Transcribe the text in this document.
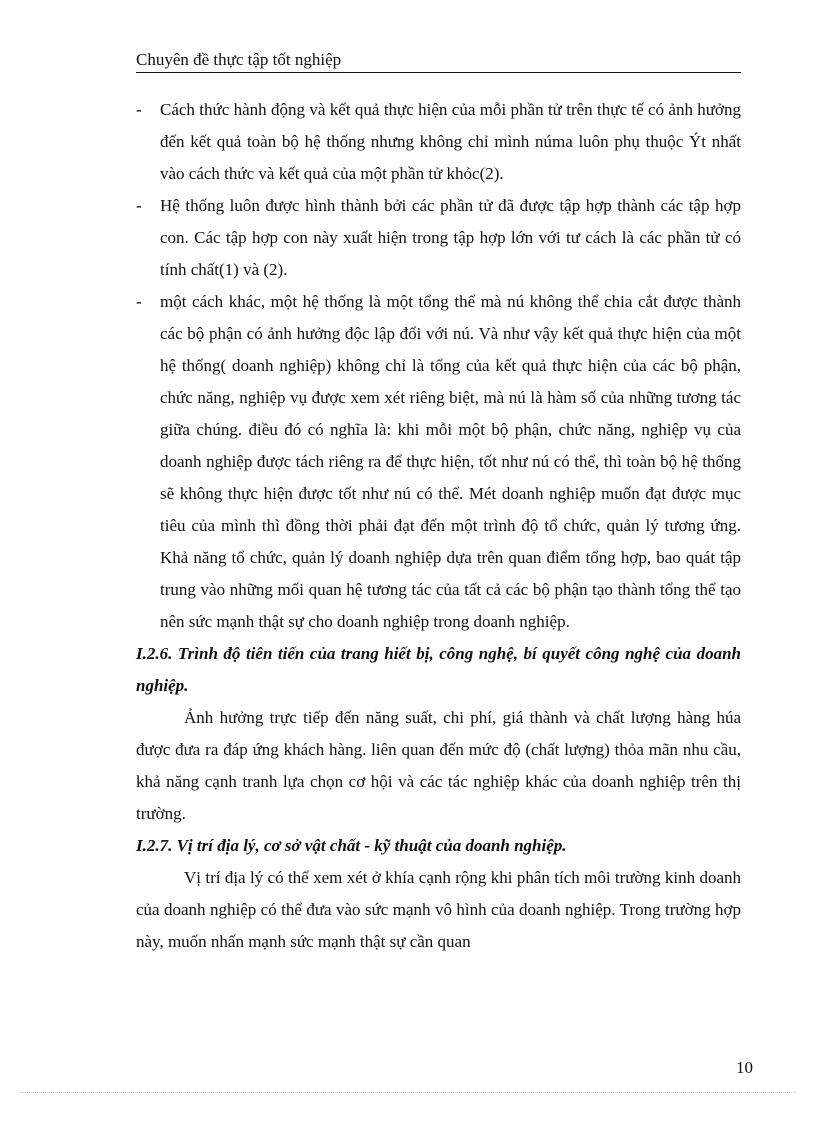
Chuyên đề thực tập tốt nghiệp
- Cách thức hành động và kết quả thực hiện của mỗi phần tử trên thực tế có ảnh hưởng đến kết quả toàn bộ hệ thống nhưng không chỉ mình núma luôn phụ thuộc Ýt nhất vào cách thức và kết quả của một phần tử khỏc(2).
- Hệ thống luôn được hình thành bởi các phần tử đã được tập hợp thành các tập hợp con. Các tập hợp con này xuất hiện trong tập hợp lớn với tư cách là các phần tử có tính chất(1) và (2).
- một cách khác, một hệ thống là một tổng thể mà nú không thể chia cắt được thành các bộ phận có ảnh hưởng độc lập đối với nú. Và như vậy kết quả thực hiện của một hệ thống( doanh nghiệp) không chỉ là tổng của kết quả thực hiện của các bộ phận, chức năng, nghiệp vụ được xem xét riêng biệt, mà nú là hàm số của những tương tác giữa chúng. điều đó có nghĩa là: khi mỗi một bộ phận, chức năng, nghiệp vụ của doanh nghiệp được tách riêng ra để thực hiện, tốt như nú có thể, thì toàn bộ hệ thống sẽ không thực hiện được tốt như nú có thể. Mét doanh nghiệp muốn đạt được mục tiêu của mình thì đồng thời phải đạt đến một trình độ tổ chức, quản lý tương ứng. Khả năng tổ chức, quản lý doanh nghiệp dựa trên quan điểm tổng hợp, bao quát tập trung vào những mối quan hệ tương tác của tất cả các bộ phận tạo thành tổng thể tạo nên sức mạnh thật sự cho doanh nghiệp trong doanh nghiệp.
I.2.6. Trình độ tiên tiến của trang hiết bị, công nghệ, bí quyết công nghệ của doanh nghiệp.
Ảnh hưởng trực tiếp đến năng suất, chi phí, giá thành và chất lượng hàng húa được đưa ra đáp ứng khách hàng. liên quan đến mức độ (chất lượng) thỏa mãn nhu cầu, khả năng cạnh tranh lựa chọn cơ hội và các tác nghiệp khác của doanh nghiệp trên thị trường.
I.2.7. Vị trí địa lý, cơ sở vật chất - kỹ thuật của doanh nghiệp.
Vị trí địa lý có thể xem xét ở khía cạnh rộng khi phân tích môi trường kinh doanh của doanh nghiệp có thể đưa vào sức mạnh vô hình của doanh nghiệp. Trong trường hợp này, muốn nhấn mạnh sức mạnh thật sự cần quan
10
